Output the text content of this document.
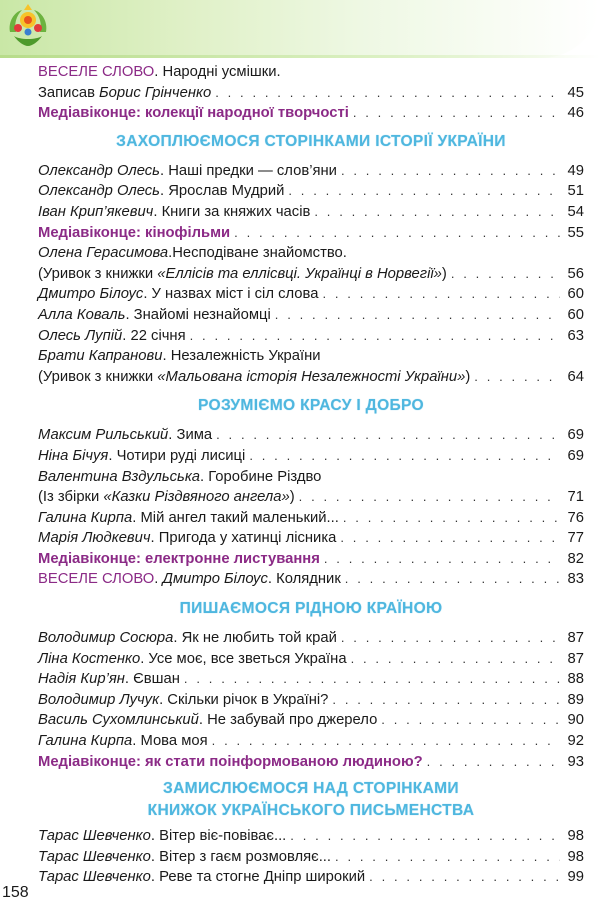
ВЕСЕЛЕ СЛОВО. Народні усмішки.
Записав Борис Грінченко . . .	45
Медіавіконце: колекції народної творчості . . .	46
ЗАХОПЛЮЄМОСЯ СТОРІНКАМИ ІСТОРІЇ УКРАЇНИ
Олександр Олесь. Наші предки — слов’яни . . .	49
Олександр Олесь. Ярослав Мудрий . . .	51
Іван Крип’якевич. Книги за княжих часів . . .	54
Медіавіконце: кінофільми . . .	55
Олена Герасимова.Несподіване знайомство.
(Уривок з книжки «Еллісів та еллісвці. Українці в Норвегії») . . .	56
Дмитро Білоус. У назвах міст і сіл слова . . .	60
Алла Коваль. Знайомі незнайомці . . .	60
Олесь Лупій. 22 січня . . .	63
Брати Капранови. Незалежність України
(Уривок з книжки «Мальована історія Незалежності України») . . .	64
РОЗУМІЄМО КРАСУ І ДОБРО
Максим Рильський. Зима . . .	69
Ніна Бічуя. Чотири руді лисиці . . .	69
Валентина Вздульська. Горобине Різдво
(Із збірки «Казки Різдвяного ангела») . . .	71
Галина Кирпа. Мій ангел такий маленький... . . .	76
Марія Людкевич. Пригода у хатинці лісника . . .	77
Медіавіконце: електронне листування . . .	82
ВЕСЕЛЕ СЛОВО. Дмитро Білоус. Колядник . . .	83
ПИШАЄМОСЯ РІДНОЮ КРАЇНОЮ
Володимир Сосюра. Як не любить той край . . .	87
Ліна Костенко. Усе моє, все зветься Україна . . .	87
Надія Кир’ян. Євшан . . .	88
Володимир Лучук. Скільки річок в Україні? . . .	89
Василь Сухомлинський. Не забувай про джерело . . .	90
Галина Кирпа. Мова моя . . .	92
Медіавіконце: як стати поінформованою людиною? . . .	93
ЗАМИСЛЮЄМОСЯ НАД СТОРІНКАМИ
КНИЖОК УКРАЇНСЬКОГО ПИСЬМЕНСТВА
Тарас Шевченко. Вітер віє-повіває... . . .	98
Тарас Шевченко. Вітер з гаєм розмовляє... . . .	98
Тарас Шевченко. Реве та стогне Дніпр широкий . . .	99
158
